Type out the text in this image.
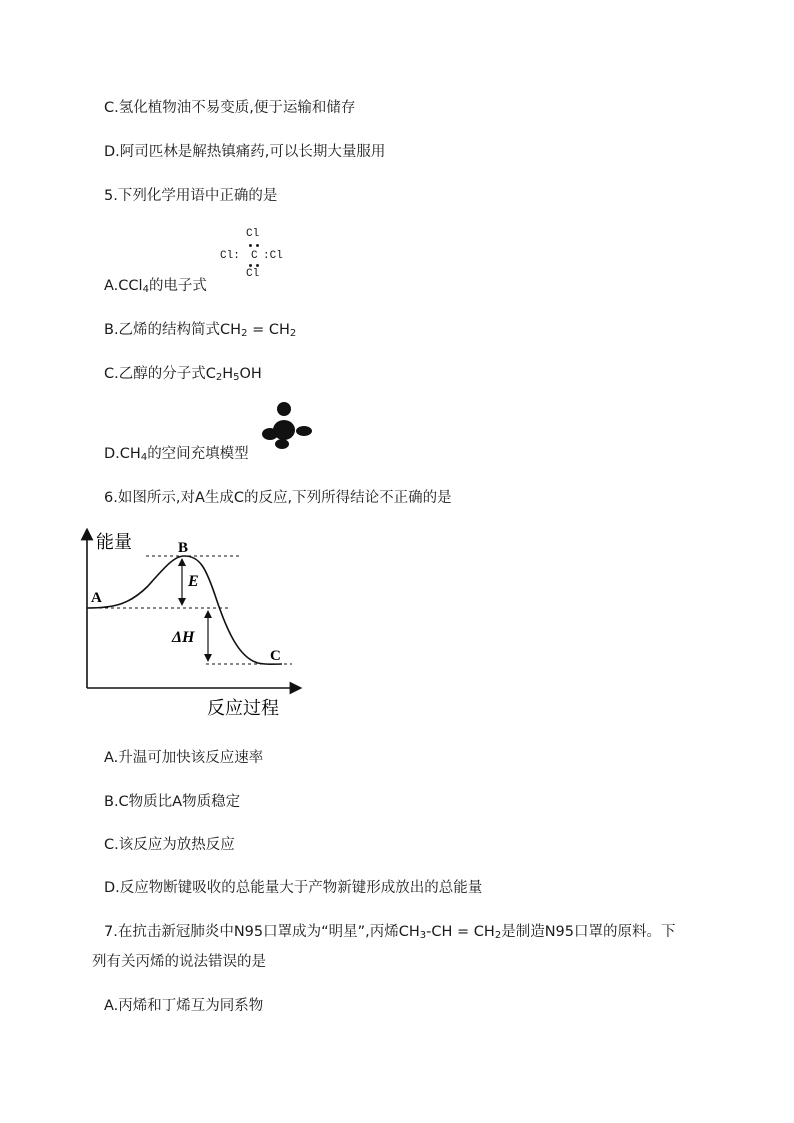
C.氢化植物油不易变质,便于运输和储存
D.阿司匹林是解热镇痛药,可以长期大量服用
5.下列化学用语中正确的是
Cl
Cl: C :Cl
Cl
A.CCl$_4$的电子式
B.乙烯的结构简式$CH_2 = CH_2$
C.乙醇的分子式$C_2H_5OH$
$D.CH_4$的空间充填模型
6.如图所示,对A生成C的反应,下列所得结论不正确的是
能量
反应过程
A
B
C
E
ΔH
A.升温可加快该反应速率
B.C物质比A物质稳定
C.该反应为放热反应
D.反应物断键吸收的总能量大于产物新键形成放出的总能量
7.在抗击新冠肺炎中N95口罩成为“明星”,丙烯$CH_3-CH = CH_2$是制造N95口罩的原料。下
列有关丙烯的说法错误的是
A.丙烯和丁烯互为同系物
